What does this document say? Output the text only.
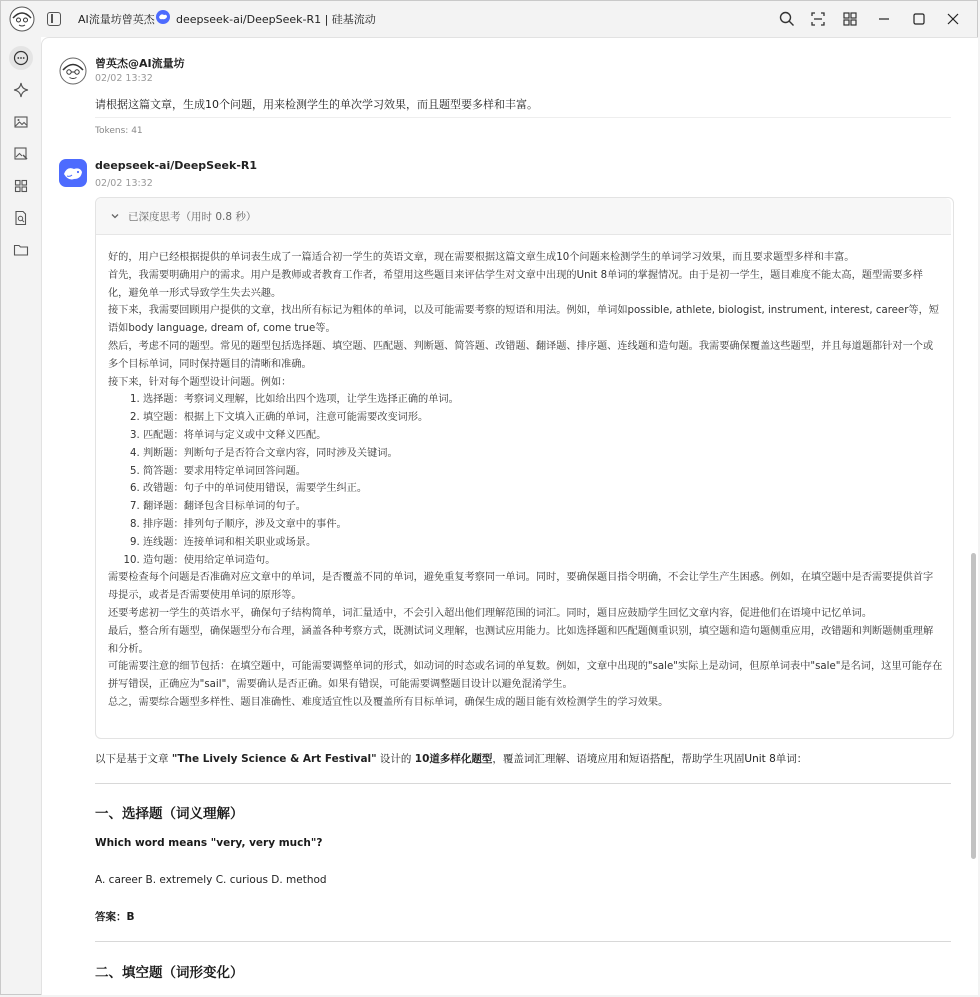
AI流量坊曾英杰 deepseek-ai/DeepSeek-R1 | 硅基流动
曾英杰@AI流量坊
02/02 13:32
请根据这篇文章，生成10个问题，用来检测学生的单次学习效果，而且题型要多样和丰富。
Tokens: 41
deepseek-ai/DeepSeek-R1
02/02 13:32
已深度思考（用时 0.8 秒）

好的，用户已经根据提供的单词表生成了一篇适合初一学生的英语文章，现在需要根据这篇文章生成10个问题来检测学生的单词学习效果，而且要求题型多样和丰富。

首先，我需要明确用户的需求。用户是教师或者教育工作者，希望用这些题目来评估学生对文章中出现的Unit 8单词的掌握情况。由于是初一学生，题目难度不能太高，题型需要多样化，避免单一形式导致学生失去兴趣。

接下来，我需要回顾用户提供的文章，找出所有标记为粗体的单词，以及可能需要考察的短语和用法。例如，单词如possible, athlete, biologist, instrument, interest, career等，短语如body language, dream of, come true等。

然后，考虑不同的题型。常见的题型包括选择题、填空题、匹配题、判断题、简答题、改错题、翻译题、排序题、连线题和造句题。我需要确保覆盖这些题型，并且每道题都针对一个或多个目标单词，同时保持题目的清晰和准确。

接下来，针对每个题型设计问题。例如：

1. 选择题：考察词义理解，比如给出四个选项，让学生选择正确的单词。
2. 填空题：根据上下文填入正确的单词，注意可能需要改变词形。
3. 匹配题：将单词与定义或中文释义匹配。
4. 判断题：判断句子是否符合文章内容，同时涉及关键词。
5. 简答题：要求用特定单词回答问题。
6. 改错题：句子中的单词使用错误，需要学生纠正。
7. 翻译题：翻译包含目标单词的句子。
8. 排序题：排列句子顺序，涉及文章中的事件。
9. 连线题：连接单词和相关职业或场景。
10. 造句题：使用给定单词造句。

需要检查每个问题是否准确对应文章中的单词，是否覆盖不同的单词，避免重复考察同一单词。同时，要确保题目指令明确，不会让学生产生困惑。例如，在填空题中是否需要提供首字母提示，或者是否需要使用单词的原形等。

还要考虑初一学生的英语水平，确保句子结构简单，词汇量适中，不会引入超出他们理解范围的词汇。同时，题目应鼓励学生回忆文章内容，促进他们在语境中记忆单词。

最后，整合所有题型，确保题型分布合理，涵盖各种考察方式，既测试词义理解，也测试应用能力。比如选择题和匹配题侧重识别，填空题和造句题侧重应用，改错题和判断题侧重理解和分析。

可能需要注意的细节包括：在填空题中，可能需要调整单词的形式，如动词的时态或名词的单复数。例如，文章中出现的"sale"实际上是动词，但原单词表中"sale"是名词，这里可能存在拼写错误，正确应为"sail"，需要确认是否正确。如果有错误，可能需要调整题目设计以避免混淆学生。

总之，需要综合题型多样性、题目准确性、难度适宜性以及覆盖所有目标单词，确保生成的题目能有效检测学生的学习效果。

以下是基于文章 "The Lively Science & Art Festival" 设计的 10道多样化题型，覆盖词汇理解、语境应用和短语搭配，帮助学生巩固Unit 8单词：
一、选择题（词义理解）
Which word means "very, very much"?
A. career B. extremely C. curious D. method
答案：B
二、填空题（词形变化）
